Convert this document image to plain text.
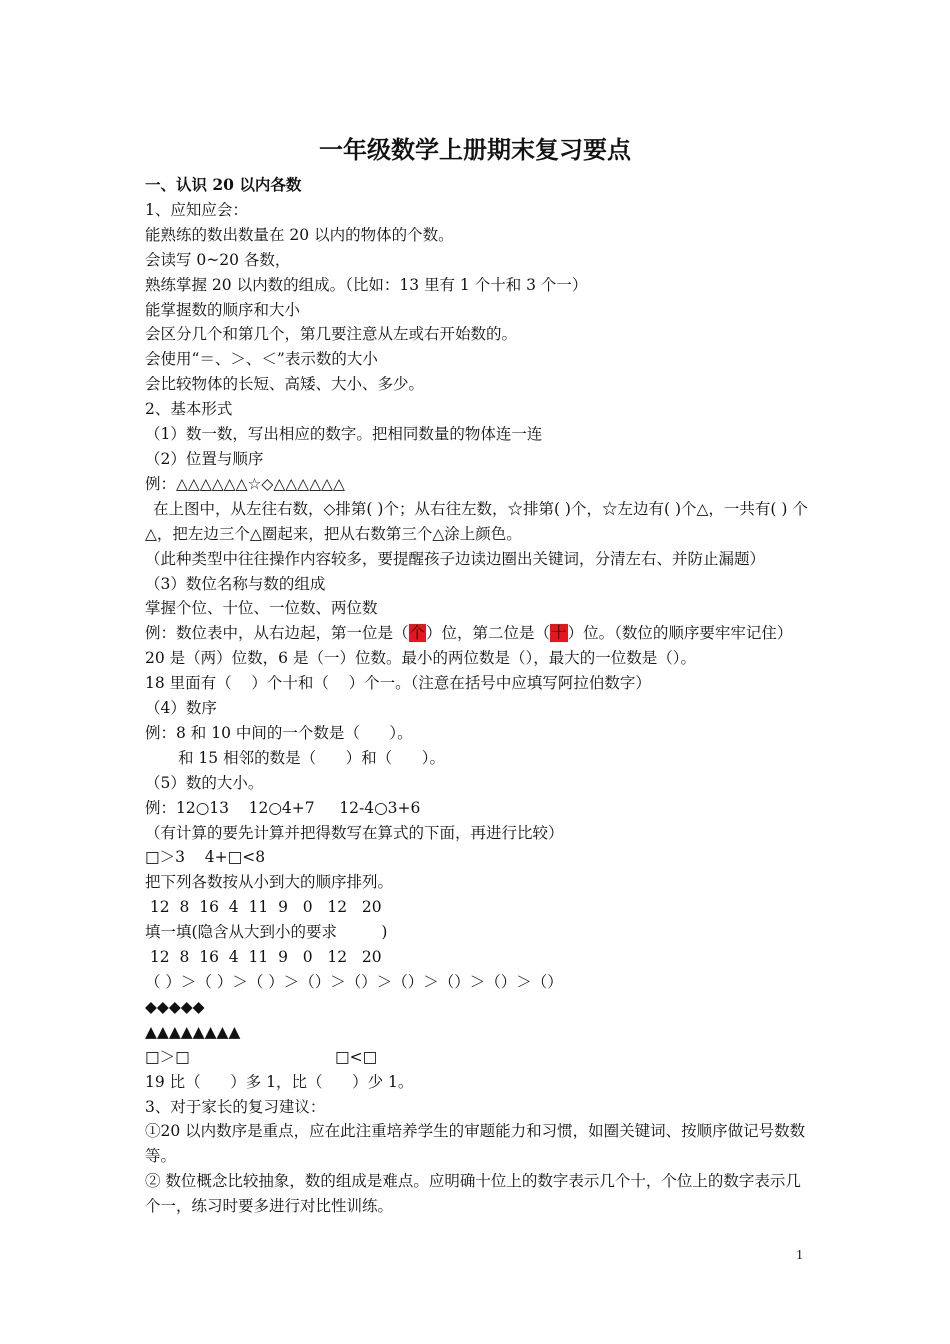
一年级数学上册期末复习要点
一、认识 20 以内各数
1、应知应会：
能熟练的数出数量在 20 以内的物体的个数。
会读写 0~20 各数，
熟练掌握 20 以内数的组成。（比如：13 里有 1 个十和 3 个一）
能掌握数的顺序和大小
会区分几个和第几个，第几要注意从左或右开始数的。
会使用“＝、＞、＜”表示数的大小
会比较物体的长短、高矮、大小、多少。
2、基本形式
（1）数一数，写出相应的数字。把相同数量的物体连一连
（2）位置与顺序
例：△△△△△△☆◇△△△△△△
在上图中，从左往右数，◇排第( )个；从右往左数，☆排第( )个，☆左边有( )个△，一共有( ) 个△，把左边三个△圈起来，把从右数第三个△涂上颜色。
（此种类型中往往操作内容较多，要提醒孩子边读边圈出关键词，分清左右、并防止漏题）
（3）数位名称与数的组成
掌握个位、十位、一位数、两位数
例：数位表中，从右边起，第一位是（个）位，第二位是（十）位。（数位的顺序要牢牢记住）
20 是（两）位数，6 是（一）位数。最小的两位数是（），最大的一位数是（）。
18 里面有（    ）个十和（    ）个一。（注意在括号中应填写阿拉伯数字）
（4）数序
例：8 和 10 中间的一个数是（      ）。
和 15 相邻的数是（      ）和（      ）。
（5）数的大小。
例：12○13    12○4+7     12-4○3+6
（有计算的要先计算并把得数写在算式的下面，再进行比较）
□＞3    4+□<8
把下列各数按从小到大的顺序排列。
12  8  16  4  11  9   0   12   20
填一填(隐含从大到小的要求         )
12  8  16  4  11  9   0   12   20
（ ）＞（ ）＞（ ）＞（）＞（）＞（）＞（）＞（）＞（）
◆◆◆◆◆
▲▲▲▲▲▲▲▲
□＞□	□<□
19 比（      ）多 1，比（      ）少 1。
3、对于家长的复习建议：
①20 以内数序是重点，应在此注重培养学生的审题能力和习惯，如圈关键词、按顺序做记号数数等。
② 数位概念比较抽象，数的组成是难点。应明确十位上的数字表示几个十，个位上的数字表示几个一，练习时要多进行对比性训练。
1
